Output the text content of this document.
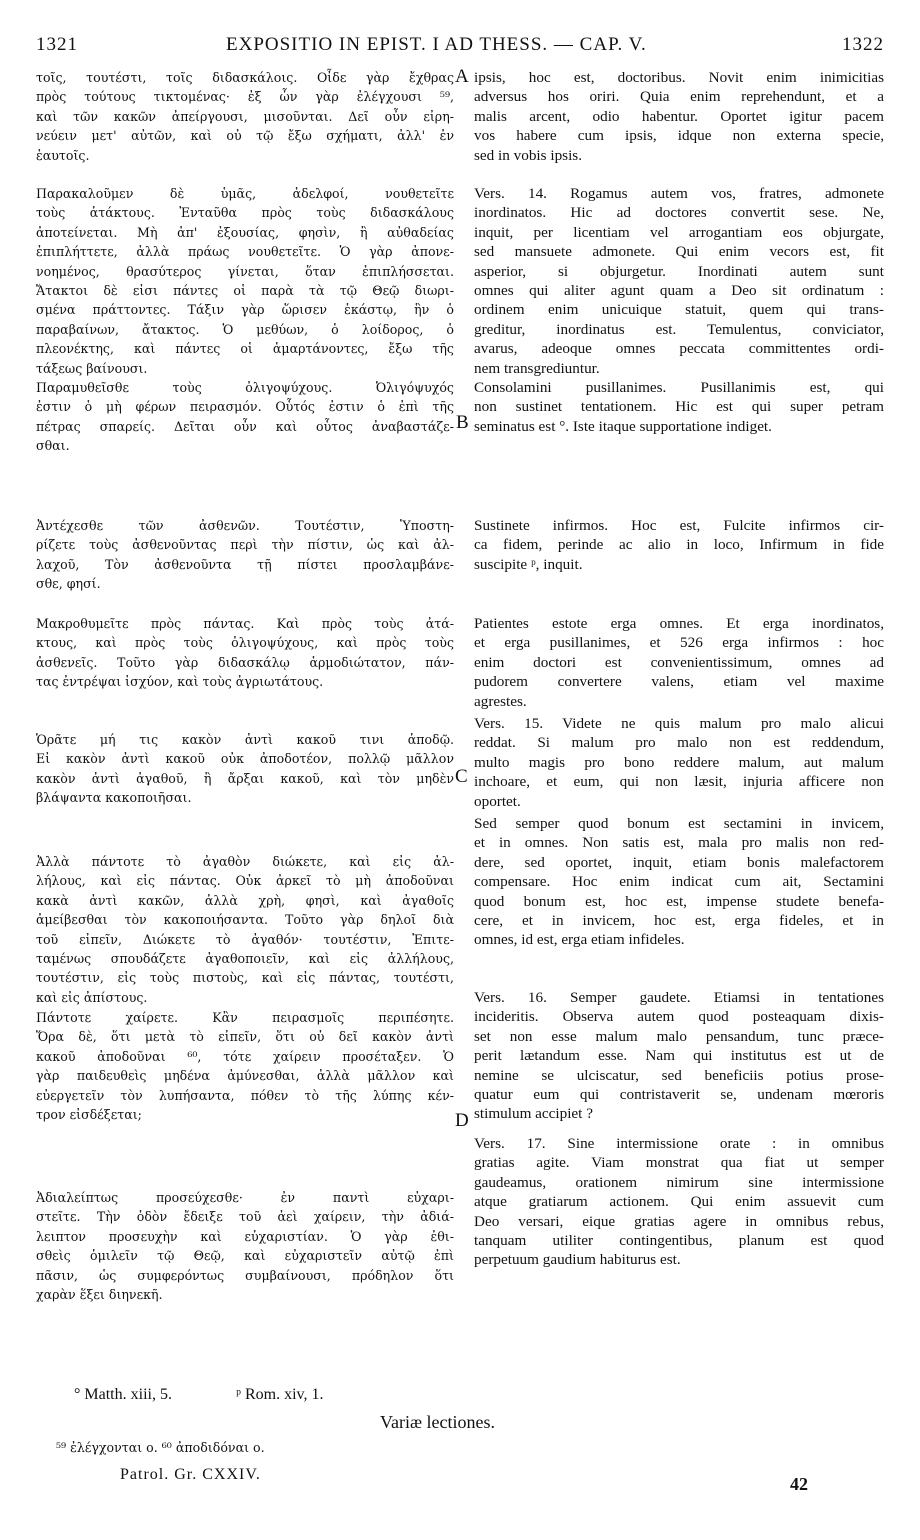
1321	EXPOSITIO IN EPIST. I AD THESS. — CAP. V.	1322
τοῖς, τουτέστι, τοῖς διδασκάλοις. Οἶδε γὰρ ἔχθρας
πρὸς τούτους τικτομένας· ἐξ ὧν γὰρ ἐλέγχουσι ⁵⁹,
καὶ τῶν κακῶν ἀπείργουσι, μισοῦνται. Δεῖ οὖν εἰρη-
νεύειν μετ' αὐτῶν, καὶ οὐ τῷ ἔξω σχήματι, ἀλλ' ἐν
ἑαυτοῖς.
Παρακαλοῦμεν δὲ ὑμᾶς, ἀδελφοί, νουθετεῖτε
τοὺς ἀτάκτους. Ἐνταῦθα πρὸς τοὺς διδασκάλους
ἀποτείνεται. Μὴ ἀπ' ἐξουσίας, φησὶν, ἢ αὐθαδείας
ἐπιπλήττετε, ἀλλὰ πράως νουθετεῖτε. Ὁ γὰρ ἀπονε-
νοημένος, θρασύτερος γίνεται, ὅταν ἐπιπλήσσεται.
Ἄτακτοι δὲ εἰσι πάντες οἱ παρὰ τὰ τῷ Θεῷ διωρι-
σμένα πράττοντες. Τάξιν γὰρ ὥρισεν ἑκάστῳ, ἣν ὁ
παραβαίνων, ἄτακτος. Ὁ μεθύων, ὁ λοίδορος, ὁ
πλεονέκτης, καὶ πάντες οἱ ἁμαρτάνοντες, ἔξω τῆς
τάξεως βαίνουσι.
Παραμυθεῖσθε τοὺς ὀλιγοψύχους. Ὀλιγόψυχός
ἐστιν ὁ μὴ φέρων πειρασμόν. Οὗτός ἐστιν ὁ ἐπὶ τῆς
πέτρας σπαρείς. Δεῖται οὖν καὶ οὗτος ἀναβαστάζε-
σθαι.
Ἀντέχεσθε τῶν ἀσθενῶν. Τουτέστιν, Ὑποστη-
ρίζετε τοὺς ἀσθενοῦντας περὶ τὴν πίστιν, ὡς καὶ ἀλ-
λαχοῦ, Τὸν ἀσθενοῦντα τῇ πίστει προσλαμβάνε-
σθε, φησί.
Μακροθυμεῖτε πρὸς πάντας. Καὶ πρὸς τοὺς ἀτά-
κτους, καὶ πρὸς τοὺς ὀλιγοψύχους, καὶ πρὸς τοὺς
ἀσθενεῖς. Τοῦτο γὰρ διδασκάλῳ ἁρμοδιώτατον, πάν-
τας ἐντρέψαι ἰσχύον, καὶ τοὺς ἀγριωτάτους.
Ὁρᾶτε μή τις κακὸν ἀντὶ κακοῦ τινι ἀποδῷ.
Εἰ κακὸν ἀντὶ κακοῦ οὐκ ἀποδοτέον, πολλῷ μᾶλλον
κακὸν ἀντὶ ἀγαθοῦ, ἢ ἄρξαι κακοῦ, καὶ τὸν μηδὲν
βλάψαντα κακοποιῆσαι.
Ἀλλὰ πάντοτε τὸ ἀγαθὸν διώκετε, καὶ εἰς ἀλ-
λήλους, καὶ εἰς πάντας. Οὐκ ἀρκεῖ τὸ μὴ ἀποδοῦναι
κακὰ ἀντὶ κακῶν, ἀλλὰ χρὴ, φησὶ, καὶ ἀγαθοῖς
ἀμείβεσθαι τὸν κακοποιήσαντα. Τοῦτο γὰρ δηλοῖ διὰ
τοῦ εἰπεῖν, Διώκετε τὸ ἀγαθόν· τουτέστιν, Ἐπιτε-
ταμένως σπουδάζετε ἀγαθοποιεῖν, καὶ εἰς ἀλλήλους,
τουτέστιν, εἰς τοὺς πιστοὺς, καὶ εἰς πάντας, τουτέστι,
καὶ εἰς ἀπίστους.
Πάντοτε χαίρετε. Κἂν πειρασμοῖς περιπέσητε.
Ὅρα δὲ, ὅτι μετὰ τὸ εἰπεῖν, ὅτι οὐ δεῖ κακὸν ἀντὶ
κακοῦ ἀποδοῦναι ⁶⁰, τότε χαίρειν προσέταξεν. Ὁ
γὰρ παιδευθεὶς μηδένα ἀμύνεσθαι, ἀλλὰ μᾶλλον καὶ
εὐεργετεῖν τὸν λυπήσαντα, πόθεν τὸ τῆς λύπης κέν-
τρον εἰσδέξεται;
Ἀδιαλείπτως προσεύχεσθε· ἐν παντὶ εὐχαρι-
στεῖτε. Τὴν ὁδὸν ἔδειξε τοῦ ἀεὶ χαίρειν, τὴν ἀδιά-
λειπτον προσευχὴν καὶ εὐχαριστίαν. Ὁ γὰρ ἐθι-
σθεὶς ὁμιλεῖν τῷ Θεῷ, καὶ εὐχαριστεῖν αὐτῷ ἐπὶ
πᾶσιν, ὡς συμφερόντως συμβαίνουσι, πρόδηλον ὅτι
χαρὰν ἕξει διηνεκῆ.
ipsis, hoc est, doctoribus. Novit enim inimicitias
adversus hos oriri. Quia enim reprehendunt, et a
malis arcent, odio habentur. Oportet igitur pacem
vos habere cum ipsis, idque non externa specie,
sed in vobis ipsis.
Vers. 14. Rogamus autem vos, fratres, admonete
inordinatos. Hic ad doctores convertit sese. Ne,
inquit, per licentiam vel arrogantiam eos objurgate,
sed mansuete admonete. Qui enim vecors est, fit
asperior, si objurgetur. Inordinati autem sunt
omnes qui aliter agunt quam a Deo sit ordinatum :
ordinem enim unicuique statuit, quem qui trans-
greditur, inordinatus est. Temulentus, conviciator,
avarus, adeoque omnes peccata committentes ordi-
nem transgrediuntur.
Consolamini pusillanimes. Pusillanimis est, qui
non sustinet tentationem. Hic est qui super petram
seminatus est °. Iste itaque supportatione indiget.
Sustinete infirmos. Hoc est, Fulcite infirmos cir-
ca fidem, perinde ac alio in loco, Infirmum in fide
suscipite ᵖ, inquit.
Patientes estote erga omnes. Et erga inordinatos,
et erga pusillanimes, et 526 erga infirmos : hoc
enim doctori est convenientissimum, omnes ad
pudorem convertere valens, etiam vel maxime
agrestes.
Vers. 15. Videte ne quis malum pro malo alicui
reddat. Si malum pro malo non est reddendum,
multo magis pro bono reddere malum, aut malum
inchoare, et eum, qui non læsit, injuria afficere non
oportet.
Sed semper quod bonum est sectamini in invicem,
et in omnes. Non satis est, mala pro malis non red-
dere, sed oportet, inquit, etiam bonis malefactorem
compensare. Hoc enim indicat cum ait, Sectamini
quod bonum est, hoc est, impense studete benefa-
cere, et in invicem, hoc est, erga fideles, et in
omnes, id est, erga etiam infideles.
Vers. 16. Semper gaudete. Etiamsi in tentationes
incideritis. Observa autem quod posteaquam dixis-
set non esse malum malo pensandum, tunc præce-
perit lætandum esse. Nam qui institutus est ut de
nemine se ulciscatur, sed beneficiis potius prose-
quatur eum qui contristaverit se, undenam mœroris
stimulum accipiet ?
Vers. 17. Sine intermissione orate : in omnibus
gratias agite. Viam monstrat qua fiat ut semper
gaudeamus, orationem nimirum sine intermissione
atque gratiarum actionem. Qui enim assuevit cum
Deo versari, eique gratias agere in omnibus rebus,
tanquam utiliter contingentibus, planum est quod
perpetuum gaudium habiturus est.
A
B
C
D
° Matth. xiii, 5.	ᵖ Rom. xiv, 1.
Variæ lectiones.
⁵⁹ ἐλέγχονται ο. ⁶⁰ ἀποδιδόναι ο.
Patrol. Gr. CXXIV.	42
